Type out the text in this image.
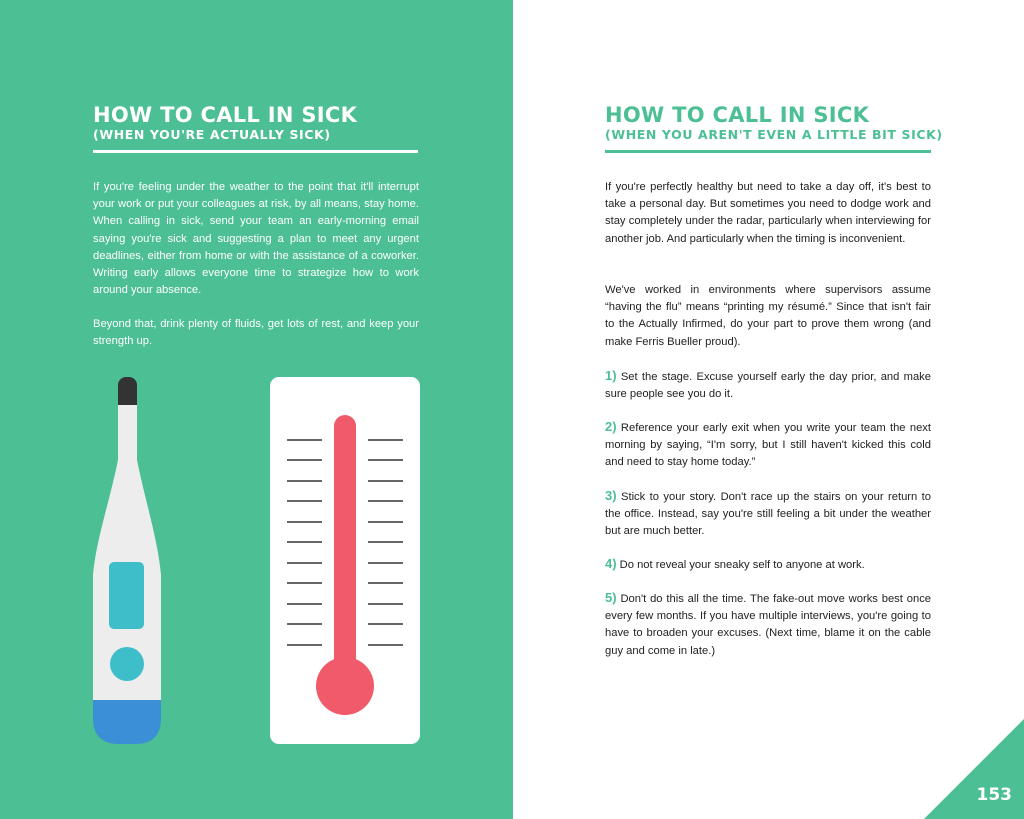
HOW TO CALL IN SICK
(WHEN YOU'RE ACTUALLY SICK)

If you're feeling under the weather to the point that it'll interrupt your work or put your colleagues at risk, by all means, stay home. When calling in sick, send your team an early-morning email saying you're sick and suggesting a plan to meet any urgent deadlines, either from home or with the assistance of a coworker. Writing early allows everyone time to strategize how to work around your absence.

Beyond that, drink plenty of fluids, get lots of rest, and keep your strength up.

HOW TO CALL IN SICK
(WHEN YOU AREN'T EVEN A LITTLE BIT SICK)

If you're perfectly healthy but need to take a day off, it's best to take a personal day. But sometimes you need to dodge work and stay completely under the radar, particularly when interviewing for another job. And particularly when the timing is inconvenient.

We've worked in environments where supervisors assume “having the flu” means “printing my résumé.” Since that isn't fair to the Actually Infirmed, do your part to prove them wrong (and make Ferris Bueller proud).

1) Set the stage. Excuse yourself early the day prior, and make sure people see you do it.

2) Reference your early exit when you write your team the next morning by saying, “I'm sorry, but I still haven't kicked this cold and need to stay home today.”

3) Stick to your story. Don't race up the stairs on your return to the office. Instead, say you're still feeling a bit under the weather but are much better.

4) Do not reveal your sneaky self to anyone at work.

5) Don't do this all the time. The fake-out move works best once every few months. If you have multiple interviews, you're going to have to broaden your excuses. (Next time, blame it on the cable guy and come in late.)

153
